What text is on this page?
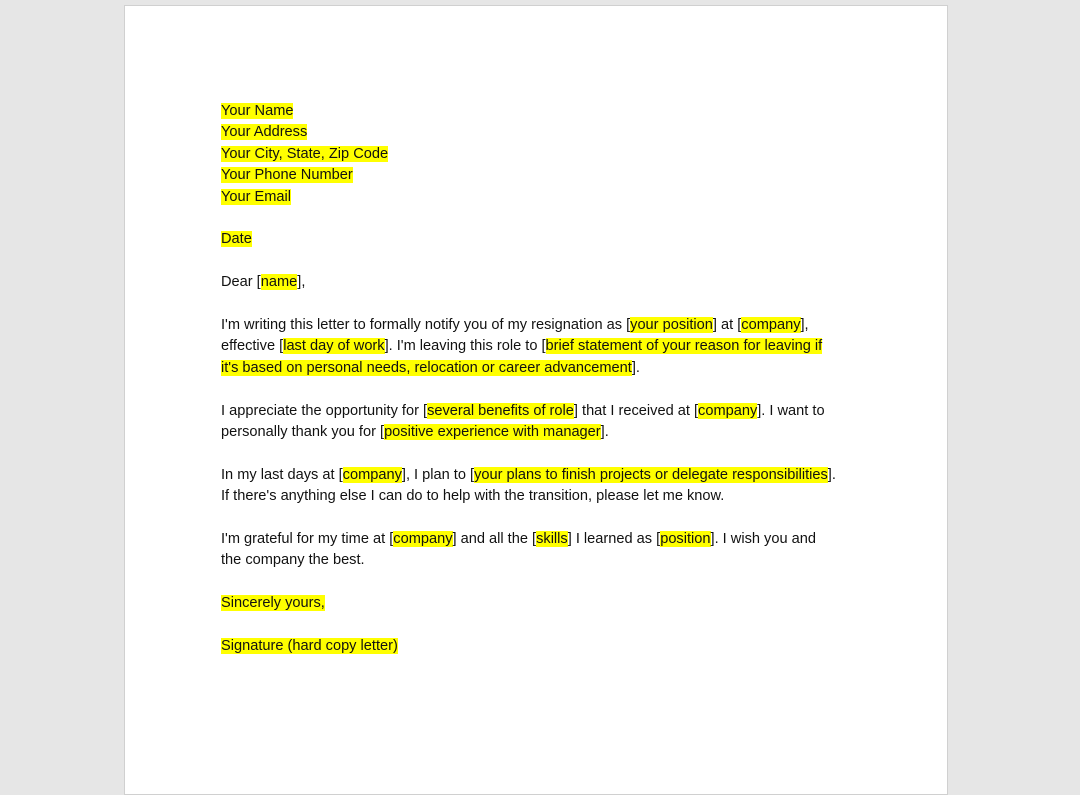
Your Name
Your Address
Your City, State, Zip Code
Your Phone Number
Your Email
Date
Dear [name],
I'm writing this letter to formally notify you of my resignation as [your position] at [company],
effective [last day of work]. I'm leaving this role to [brief statement of your reason for leaving if
it's based on personal needs, relocation or career advancement].
I appreciate the opportunity for [several benefits of role] that I received at [company]. I want to
personally thank you for [positive experience with manager].
In my last days at [company], I plan to [your plans to finish projects or delegate responsibilities].
If there's anything else I can do to help with the transition, please let me know.
I'm grateful for my time at [company] and all the [skills] I learned as [position]. I wish you and
the company the best.
Sincerely yours,
Signature (hard copy letter)
